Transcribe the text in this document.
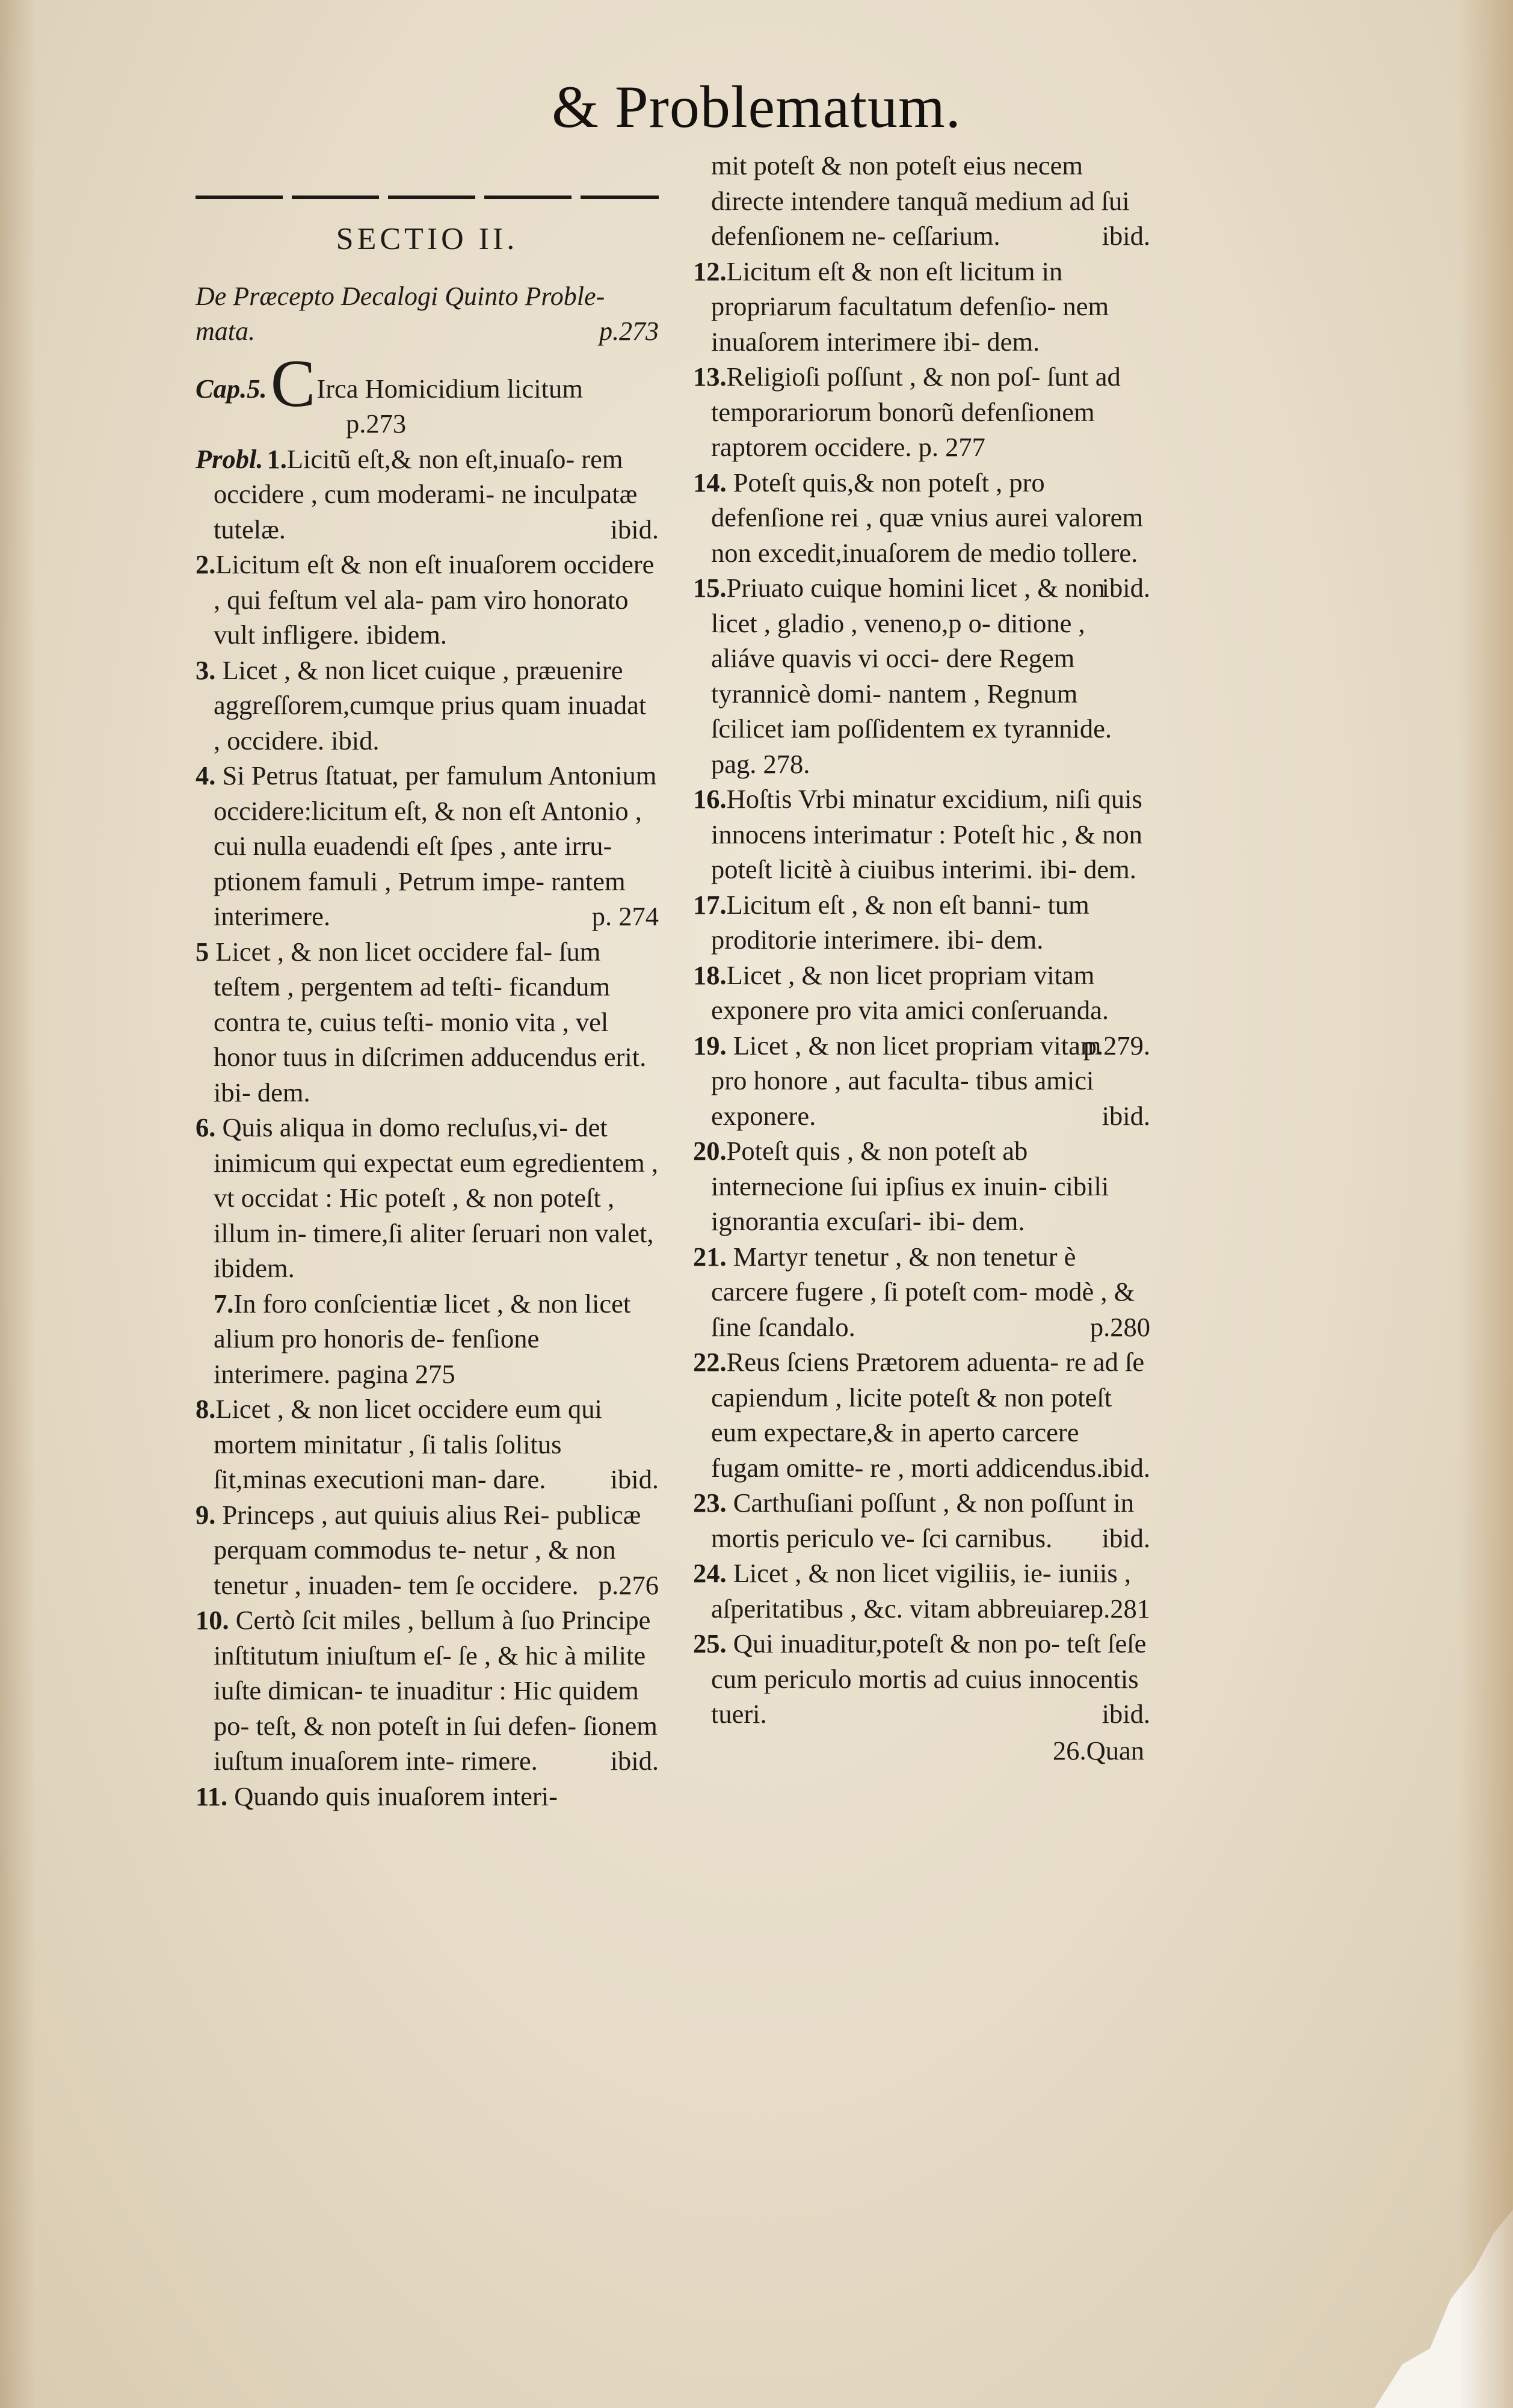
& Problematum.
SECTIO II.
De Præcepto Decalogi Quinto Proble- mata.	p.273

Cap.5.CIrca Homicidium licitum
p.273

Probl. 1.Licitũ eſt,& non eſt,inuaſo- rem occidere , cum moderami- ne inculpatæ tutelæ.	ibid.

2.Licitum eſt & non eſt inuaſorem occidere , qui feſtum vel ala- pam viro honorato vult infligere. ibidem.

3. Licet , & non licet cuique , præuenire aggreſſorem,cumque prius quam inuadat , occidere. ibid.

4. Si Petrus ſtatuat, per famulum Antonium occidere:licitum eſt, & non eſt Antonio , cui nulla euadendi eſt ſpes , ante irru- ptionem famuli , Petrum impe- rantem interimere.	p. 274

5 Licet , & non licet occidere fal- ſum teſtem , pergentem ad teſti- ficandum contra te, cuius teſti- monio vita , vel honor tuus in diſcrimen adducendus erit. ibi- dem.

6. Quis aliqua in domo recluſus,vi- det inimicum qui expectat eum egredientem , vt occidat : Hic poteſt , & non poteſt , illum in- timere,ſi aliter ſeruari non valet, ibidem.

7.In foro conſcientiæ licet , & non licet alium pro honoris de- fenſione interimere. pagina 275

8.Licet , & non licet occidere eum qui mortem minitatur , ſi talis ſolitus ſit,minas executioni man- dare. ibid.

9. Princeps , aut quiuis alius Rei- publicæ perquam commodus te- netur , & non tenetur , inuaden- tem ſe occidere. p.276

10. Certò ſcit miles , bellum à ſuo Principe inſtitutum iniuſtum eſ- ſe , & hic à milite iuſte dimican- te inuaditur : Hic quidem po- teſt, & non poteſt in ſui defen- ſionem iuſtum inuaſorem inte- rimere.	ibid.

11. Quando quis inuaſorem interi-

mit poteſt & non poteſt eius necem directe intendere tanquã medium ad ſui defenſionem ne- ceſſarium.	ibid.

12.Licitum eſt & non eſt licitum in propriarum facultatum defenſio- nem inuaſorem interimere ibi- dem.

13.Religioſi poſſunt , & non poſ- ſunt ad temporariorum bonorũ defenſionem raptorem occidere. p. 277

14. Poteſt quis,& non poteſt , pro defenſione rei , quæ vnius aurei valorem non excedit,inuaſorem de medio tollere.
ibid.

15.Priuato cuique homini licet , & non licet , gladio , veneno,p o- ditione , aliáve quavis vi occi- dere Regem tyrannicè domi- nantem , Regnum ſcilicet iam poſſidentem ex tyrannide. pag. 278.

16.Hoſtis Vrbi minatur excidium, niſi quis innocens interimatur : Poteſt hic , & non poteſt licitè à ciuibus interimi. ibi- dem.

17.Licitum eſt , & non eſt banni- tum proditorie interimere. ibi- dem.

18.Licet , & non licet propriam vitam exponere pro vita amici conſeruanda.
p.279.

19. Licet , & non licet propriam vitam pro honore , aut faculta- tibus amici exponere.	ibid.

20.Poteſt quis , & non poteſt ab internecione ſui ipſius ex inuin- cibili ignorantia excuſari- ibi- dem.

21. Martyr tenetur , & non tenetur è carcere fugere , ſi poteſt com- modè , & ſine ſcandalo.	p.280

22.Reus ſciens Prætorem aduenta- re ad ſe capiendum , licite poteſt & non poteſt eum expectare,& in aperto carcere fugam omitte- re , morti addicendus.
ibid.

23. Carthuſiani poſſunt , & non poſſunt in mortis periculo ve- ſci carnibus. ibid.

24. Licet , & non licet vigiliis, ie- iuniis , aſperitatibus , &c. vitam abbreuiare.
p.281

25. Qui inuaditur,poteſt & non po- teſt ſeſe cum periculo mortis ad cuius innocentis tueri.	ibid.

26.Quan
